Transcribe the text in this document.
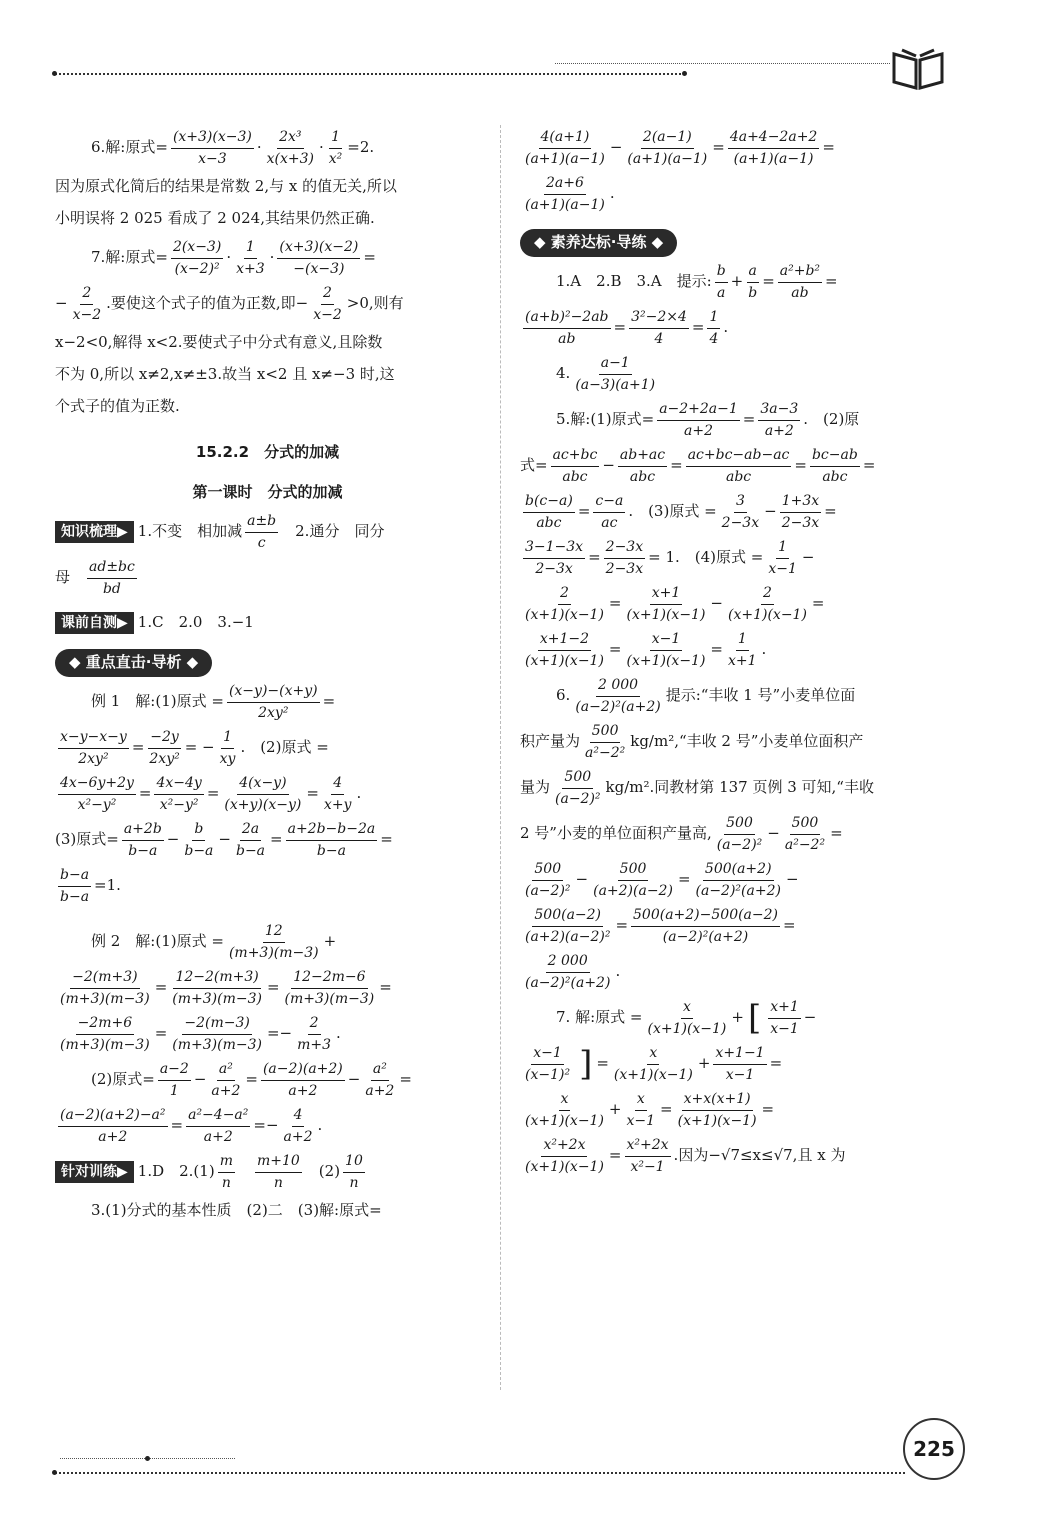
6.解:原式= $\frac{(x+3)(x-3)}{x-3} \cdot \frac{\text{2x³}}{x(x+3)} \cdot \frac{1}{\text{x²}} =2$.
因为原式化简后的结果是常数 2,与 x 的值无关,所以
小明误将 2 025 看成了 2 024,其结果仍然正确.
7.解:原式= $\frac{2(x-3)}{\text{(x−2)²}} \cdot \frac{1}{x+3} \cdot \frac{(x+3)(x-2)}{-(x-3)}$ =
− $\frac{2}{x-2}$ .要使这个式子的值为正数,即− $\frac{2}{x-2} >0$,则有
x−2<0,解得 x<2.要使式子中分式有意义,且除数
不为 0,所以 x≠2,x≠±3.故当 x<2 且 x≠−3 时,这
个式子的值为正数.
15.2.2　分式的加减
第一课时　分式的加减
知识梳理▶ 1.不变　相加减 $\frac{a\pm b}{c} 2$.通分　同分
母 $\frac{ad\pm bc}{bd}$
课前自测▶ 1.C　2.0　3.−1
◆ 重点直击·导析 ◆
例 1　解:(1)原式 = $\frac{(x-y)-(x+y)}{\text{2xy²}}$ =
$\frac{x-y-x-y}{\text{2xy²}} = \frac{-2y}{\text{2xy²}}$ = − $\frac{1}{xy}$ .　(2)原式 =
$\frac{4x-6y+2y}{\text{x²−y²}} = \frac{4x-4y}{\text{x²−y²}} = \frac{4(x-y)}{(x+y)(x-y)} = \frac{4}{x+y}$ .
(3)原式= $\frac{a+2b}{b-a} - \frac{b}{b-a} - \frac{2a}{b-a} = \frac{a+2b-b-2a}{b-a}$ =
$\frac{b-a}{b-a} =1$.
例 2　解:(1)原式 = $\frac{12}{(m+3)(m-3)}$ +
$\frac{-2(m+3)}{(m+3)(m-3)} = \frac{12-2(m+3)}{(m+3)(m-3)} = \frac{12-2m-6}{(m+3)(m-3)}$ =
$\frac{-2m+6}{(m+3)(m-3)} = \frac{-2(m-3)}{(m+3)(m-3)} =- \frac{2}{m+3}$ .
(2)原式= $\frac{a-2}{1} - \frac{\text{a²}}{a+2} = \frac{(a-2)(a+2)}{a+2} - \frac{\text{a²}}{a+2}$ =
$\frac{\text{(a−2)(a+2)−a²}}{a+2} = \frac{\text{a²−4−a²}}{a+2} =- \frac{4}{a+2}$ .
针对训练▶ 1.D　$2.(1) \frac{m}{n} \frac{m+10}{n} (2) \frac{10}{n}$
3.(1)分式的基本性质　(2)二　(3)解:原式=
$\frac{4(a+1)}{(a+1)(a-1)} - \frac{2(a-1)}{(a+1)(a-1)} = \frac{4a+4-2a+2}{(a+1)(a-1)}$ =
$\frac{2a+6}{(a+1)(a-1)}$ .
◆ 素养达标·导练 ◆
1.A　2.B　3.A　提示: $\frac{b}{a} + \frac{a}{b} = \frac{\text{a²+b²}}{ab}$ =
$\frac{\text{(a+b)²−2ab}}{ab} = \frac{\text{3²−2×4}}{4} = \frac{1}{4}$ .
4. $\frac{a-1}{(a-3)(a+1)}$
5.解:(1)原式= $\frac{a-2+2a-1}{a+2} = \frac{3a-3}{a+2}$ .　(2)原
式= $\frac{ac+bc}{\text{abc}} - \frac{ab+ac}{\text{abc}} = \frac{ac+bc-ab-ac}{\text{abc}} = \frac{bc-ab}{\text{abc}}$ =
$\frac{b(c-a)}{\text{abc}} = \frac{c-a}{ac}$ .　(3)原式 = $\frac{3}{2-3x} - \frac{1+3x}{2-3x}$ =
$\frac{3-1-3x}{2-3x} = \frac{2-3x}{2-3x} = 1$.　(4)原式 = $\frac{1}{x-1}$ −
$\frac{2}{(x+1)(x-1)} = \frac{x+1}{(x+1)(x-1)} - \frac{2}{(x+1)(x-1)}$ =
$\frac{x+1-2}{(x+1)(x-1)} = \frac{x-1}{(x+1)(x-1)} = \frac{1}{x+1}$ .
6. $\frac{2 000}{\text{(a−2)²(a+2)}}$ 提示:“丰收 1 号”小麦单位面
积产量为 $\frac{500}{\text{a²−2²}}$ kg/m²,“丰收 2 号”小麦单位面积产
量为 $\frac{500}{\text{(a−2)²}} kg/m^2$.同教材第 137 页例 3 可知,“丰收
2 号”小麦的单位面积产量高, $\frac{500}{\text{(a−2)²}} - \frac{500}{\text{a²−2²}}$ =
$\frac{500}{\text{(a−2)²}} - \frac{500}{(a+2)(a-2)} = \frac{500(a+2)}{\text{(a−2)²(a+2)}}$ −
$\frac{500(a-2)}{\text{(a+2)(a−2)²}} = \frac{500(a+2)-500(a-2)}{\text{(a−2)²(a+2)}}$ =
$\frac{2 000}{\text{(a−2)²(a+2)}}$ .
7. 解:原式 = $\frac{x}{(x+1)(x-1)}$ + [ $\frac{x+1}{x-1}$ −
$\frac{x-1}{\text{(x−1)²}}$ ] = $\frac{x}{(x+1)(x-1)} + \frac{x+1-1}{x-1}$ =
$\frac{x}{(x+1)(x-1)} + \frac{x}{x-1} = \frac{x+x(x+1)}{(x+1)(x-1)}$ =
$\frac{\text{x²+2x}}{(x+1)(x-1)} = \frac{\text{x²+2x}}{\text{x²−1}}$ .因为−√7≤x≤√7,且 x 为
225
